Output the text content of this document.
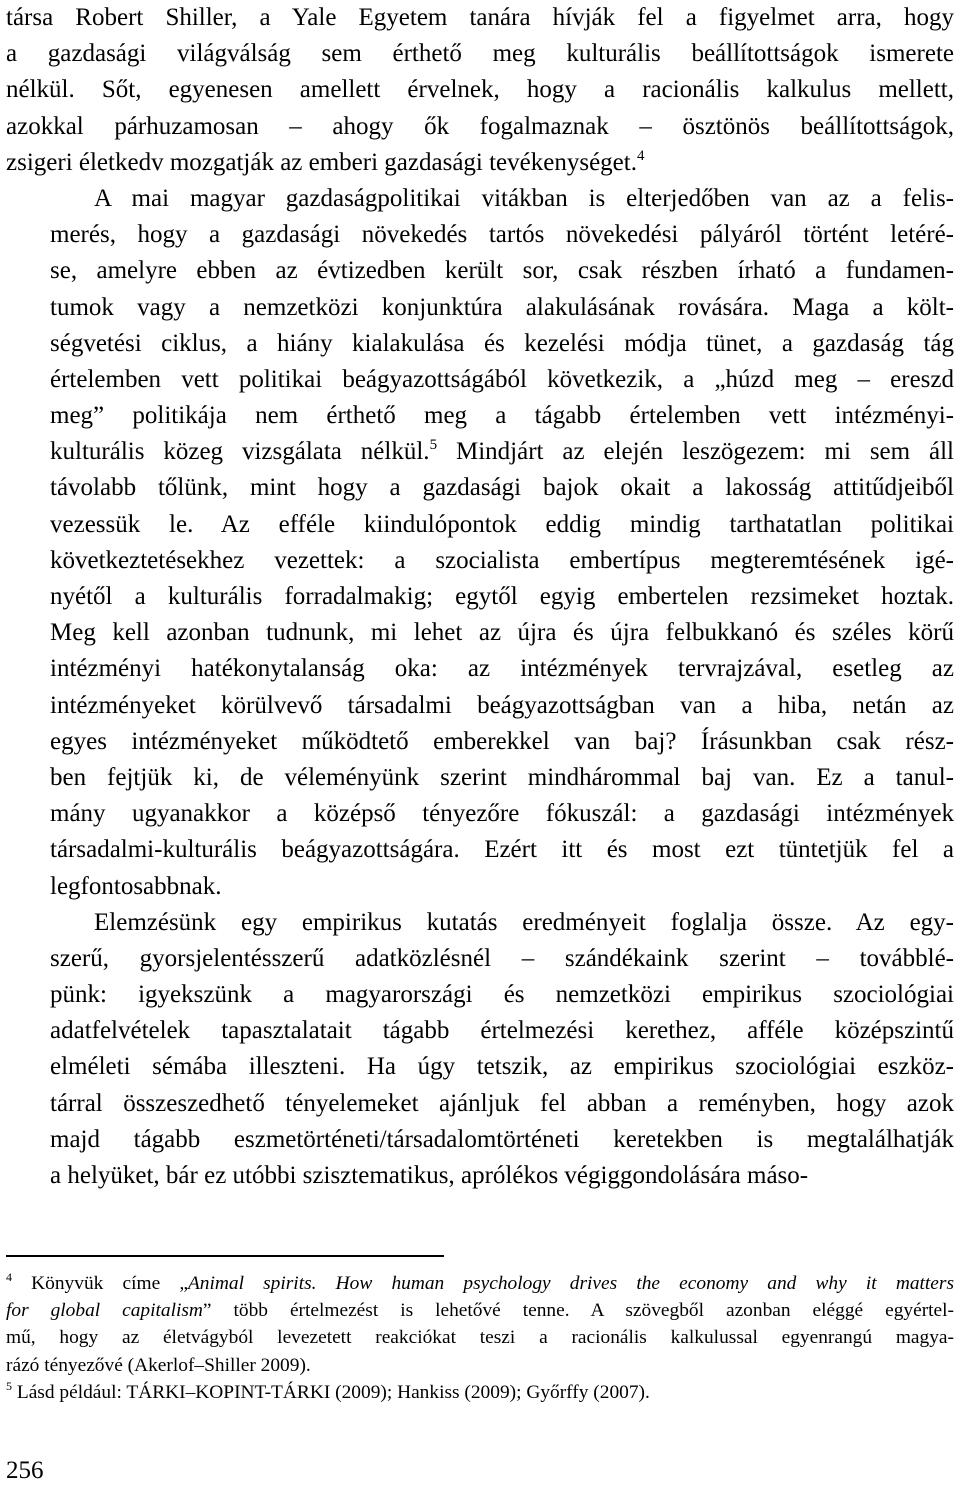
társa Robert Shiller, a Yale Egyetem tanára hívják fel a figyelmet arra, hogy
a gazdasági világválság sem érthető meg kulturális beállítottságok ismerete
nélkül. Sőt, egyenesen amellett érvelnek, hogy a racionális kalkulus mellett,
azokkal párhuzamosan – ahogy ők fogalmaznak – ösztönös beállítottságok,
zsigeri életkedv mozgatják az emberi gazdasági tevékenységet.$^4$
A mai magyar gazdaságpolitikai vitákban is elterjedőben van az a felis-
merés, hogy a gazdasági növekedés tartós növekedési pályáról történt letéré-
se, amelyre ebben az évtizedben került sor, csak részben írható a fundamen-
tumok vagy a nemzetközi konjunktúra alakulásának rovására. Maga a költ-
ségvetési ciklus, a hiány kialakulása és kezelési módja tünet, a gazdaság tág
értelemben vett politikai beágyazottságából következik, a „húzd meg – ereszd
meg” politikája nem érthető meg a tágabb értelemben vett intézményi-
kulturális közeg vizsgálata nélkül.$^5$ Mindjárt az elején leszögezem: mi sem áll
távolabb tőlünk, mint hogy a gazdasági bajok okait a lakosság attitűdjeiből
vezessük le. Az efféle kiindulópontok eddig mindig tarthatatlan politikai
következtetésekhez vezettek: a szocialista embertípus megteremtésének igé-
nyétől a kulturális forradalmakig; egytől egyig embertelen rezsimeket hoztak.
Meg kell azonban tudnunk, mi lehet az újra és újra felbukkanó és széles körű
intézményi hatékonytalanság oka: az intézmények tervrajzával, esetleg az
intézményeket körülvevő társadalmi beágyazottságban van a hiba, netán az
egyes intézményeket működtető emberekkel van baj? Írásunkban csak rész-
ben fejtjük ki, de véleményünk szerint mindhárommal baj van. Ez a tanul-
mány ugyanakkor a középső tényezőre fókuszál: a gazdasági intézmények
társadalmi-kulturális beágyazottságára. Ezért itt és most ezt tüntetjük fel a
legfontosabbnak.
Elemzésünk egy empirikus kutatás eredményeit foglalja össze. Az egy-
szerű, gyorsjelentésszerű adatközlésnél – szándékaink szerint – továbblé-
pünk: igyekszünk a magyarországi és nemzetközi empirikus szociológiai
adatfelvételek tapasztalatait tágabb értelmezési kerethez, afféle középszintű
elméleti sémába illeszteni. Ha úgy tetszik, az empirikus szociológiai eszköz-
tárral összeszedhető tényelemeket ajánljuk fel abban a reményben, hogy azok
majd tágabb eszmetörténeti/társadalomtörténeti keretekben is megtalálhatják
a helyüket, bár ez utóbbi szisztematikus, aprólékos végiggondolására máso-
$^4$ Könyvük címe „Animal spirits. How human psychology drives the economy and why it matters
for global capitalism” több értelmezést is lehetővé tenne. A szövegből azonban eléggé egyértel-
mű, hogy az életvágyból levezetett reakciókat teszi a racionális kalkulussal egyenrangú magya-
rázó tényezővé (Akerlof–Shiller 2009).
$^5$ Lásd például: TÁRKI–KOPINT-TÁRKI (2009); Hankiss (2009); Győrffy (2007).
256
